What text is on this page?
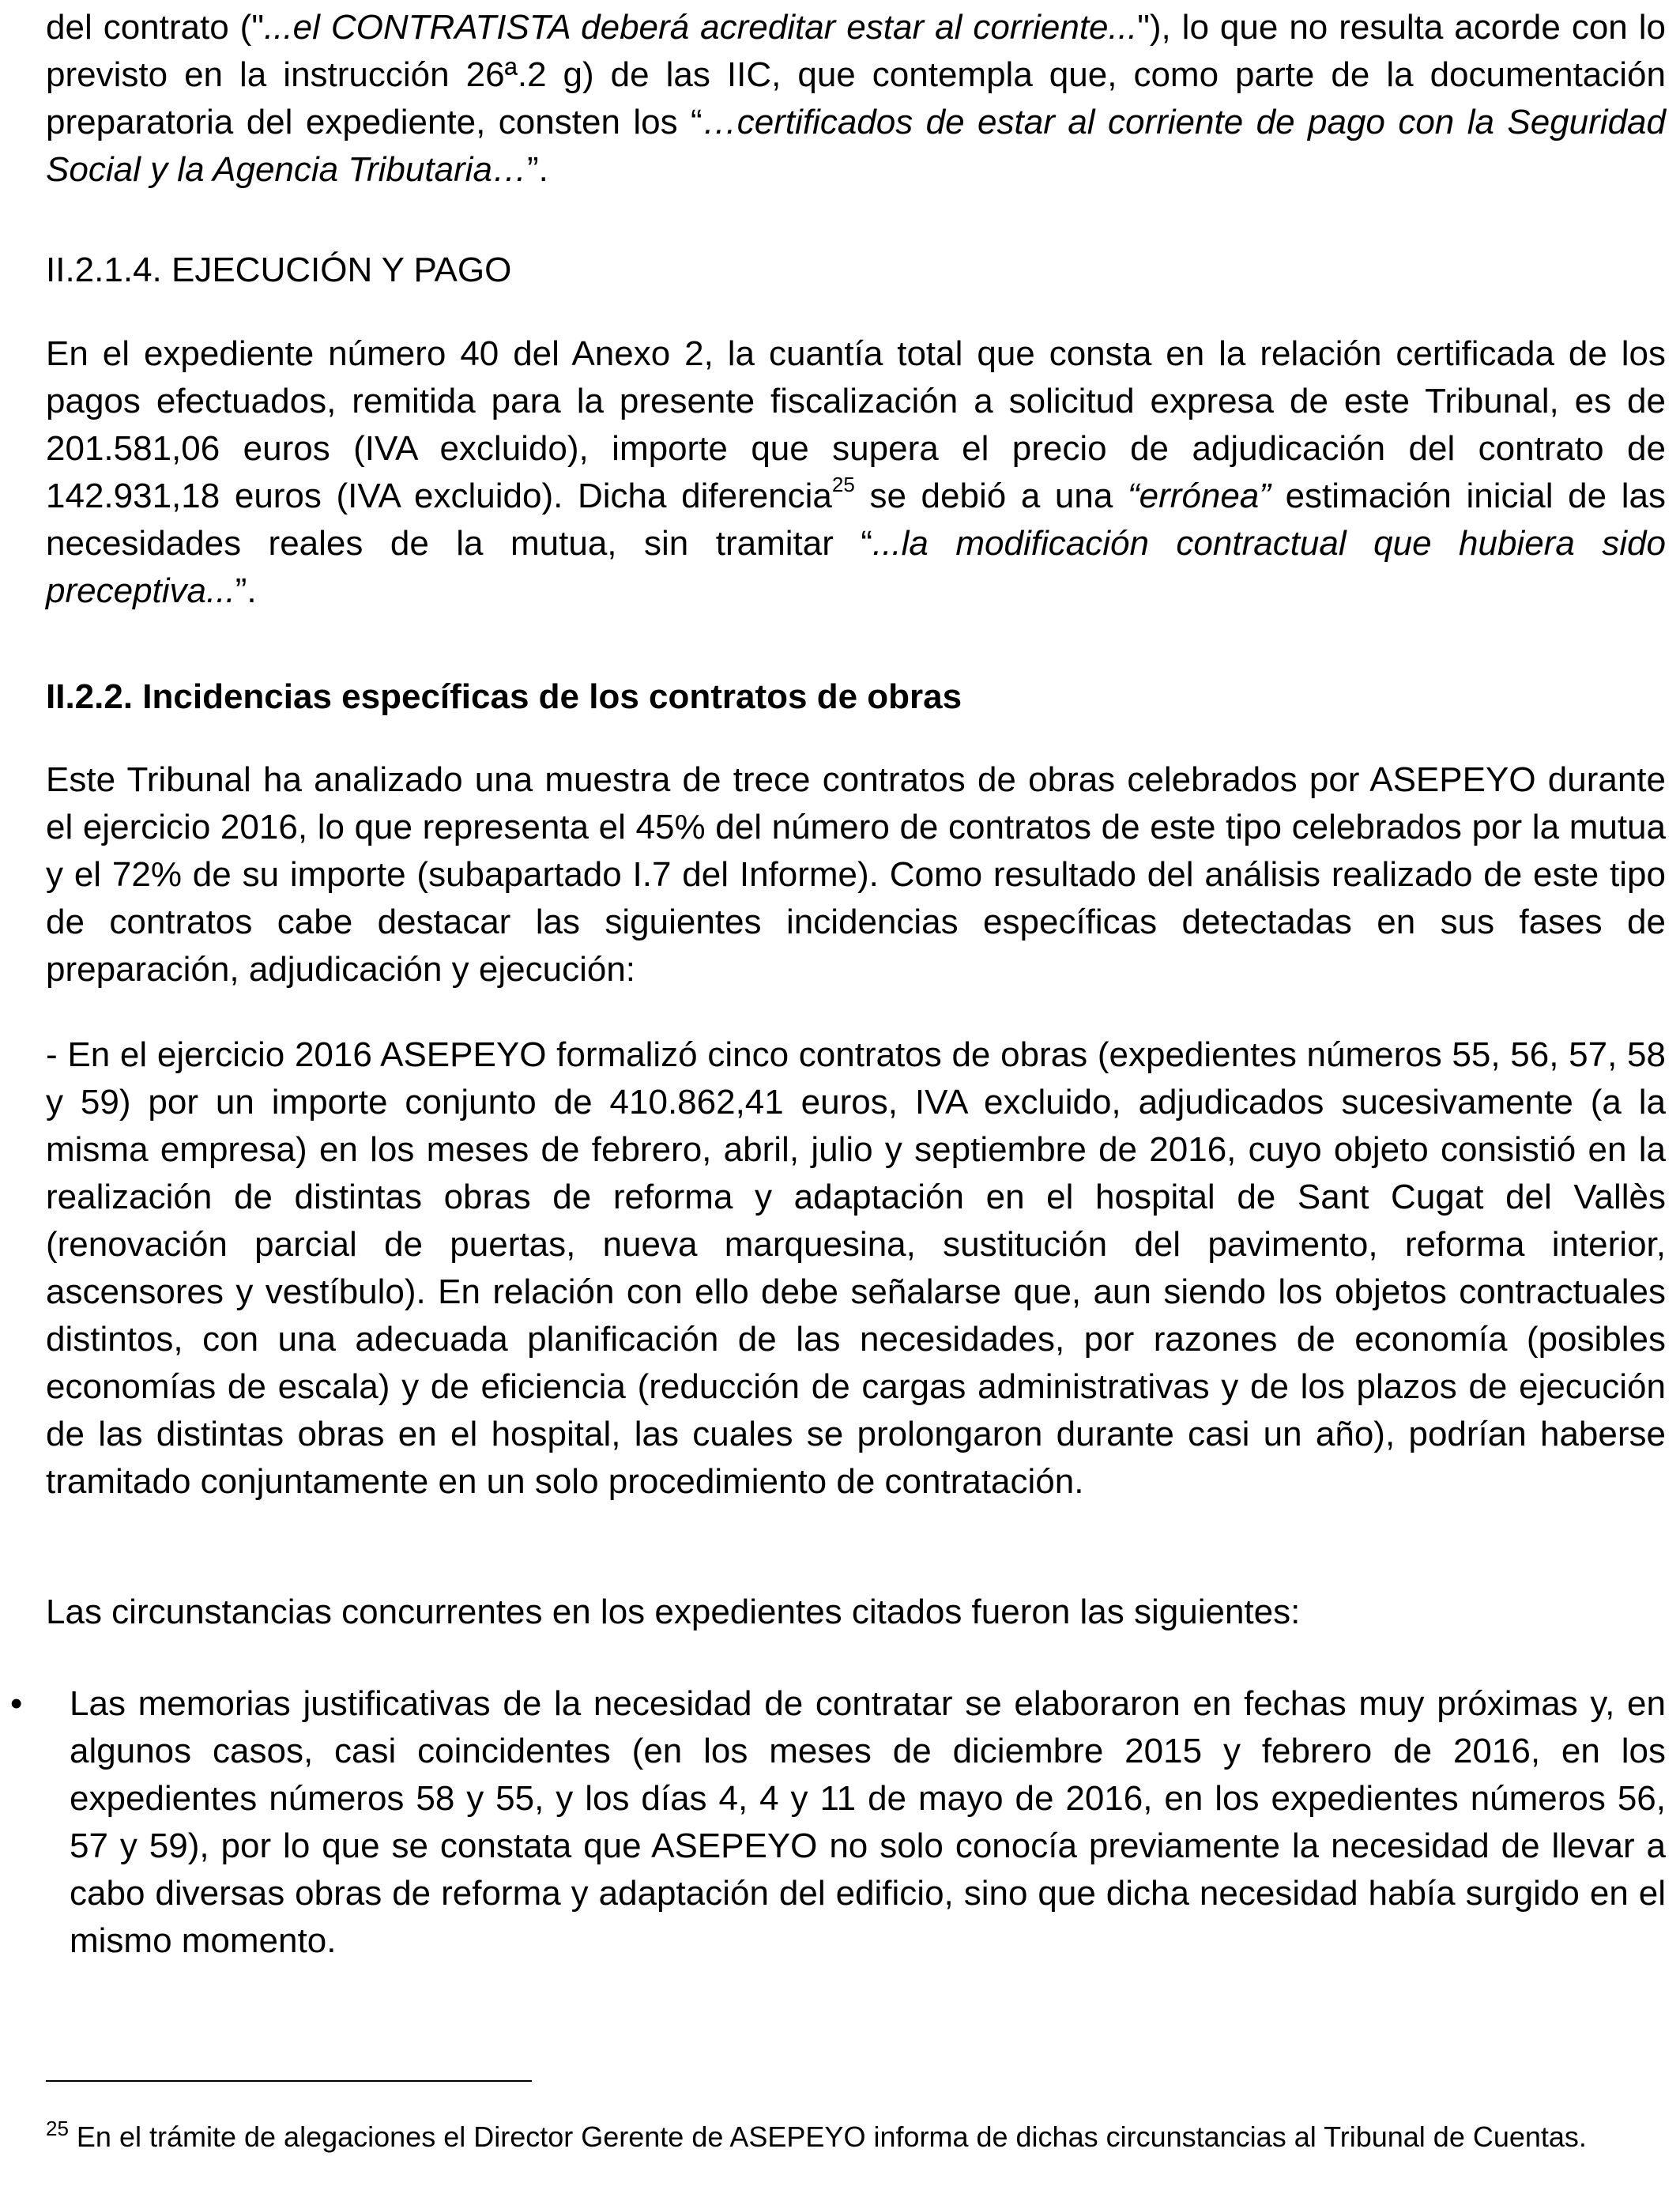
del contrato ("...el CONTRATISTA deberá acreditar estar al corriente..."), lo que no resulta acorde con lo previsto en la instrucción 26ª.2 g) de las IIC, que contempla que, como parte de la documentación preparatoria del expediente, consten los “…certificados de estar al corriente de pago con la Seguridad Social y la Agencia Tributaria…”.

II.2.1.4. EJECUCIÓN Y PAGO

En el expediente número 40 del Anexo 2, la cuantía total que consta en la relación certificada de los pagos efectuados, remitida para la presente fiscalización a solicitud expresa de este Tribunal, es de 201.581,06 euros (IVA excluido), importe que supera el precio de adjudicación del contrato de 142.931,18 euros (IVA excluido). Dicha diferencia$^{25}$ se debió a una “errónea” estimación inicial de las necesidades reales de la mutua, sin tramitar “...la modificación contractual que hubiera sido preceptiva...”.

II.2.2. Incidencias específicas de los contratos de obras

Este Tribunal ha analizado una muestra de trece contratos de obras celebrados por ASEPEYO durante el ejercicio 2016, lo que representa el 45% del número de contratos de este tipo celebrados por la mutua y el 72% de su importe (subapartado I.7 del Informe). Como resultado del análisis realizado de este tipo de contratos cabe destacar las siguientes incidencias específicas detectadas en sus fases de preparación, adjudicación y ejecución:

- En el ejercicio 2016 ASEPEYO formalizó cinco contratos de obras (expedientes números 55, 56, 57, 58 y 59) por un importe conjunto de 410.862,41 euros, IVA excluido, adjudicados sucesivamente (a la misma empresa) en los meses de febrero, abril, julio y septiembre de 2016, cuyo objeto consistió en la realización de distintas obras de reforma y adaptación en el hospital de Sant Cugat del Vallès (renovación parcial de puertas, nueva marquesina, sustitución del pavimento, reforma interior, ascensores y vestíbulo). En relación con ello debe señalarse que, aun siendo los objetos contractuales distintos, con una adecuada planificación de las necesidades, por razones de economía (posibles economías de escala) y de eficiencia (reducción de cargas administrativas y de los plazos de ejecución de las distintas obras en el hospital, las cuales se prolongaron durante casi un año), podrían haberse tramitado conjuntamente en un solo procedimiento de contratación.

Las circunstancias concurrentes en los expedientes citados fueron las siguientes:

• Las memorias justificativas de la necesidad de contratar se elaboraron en fechas muy próximas y, en algunos casos, casi coincidentes (en los meses de diciembre 2015 y febrero de 2016, en los expedientes números 58 y 55, y los días 4, 4 y 11 de mayo de 2016, en los expedientes números 56, 57 y 59), por lo que se constata que ASEPEYO no solo conocía previamente la necesidad de llevar a cabo diversas obras de reforma y adaptación del edificio, sino que dicha necesidad había surgido en el mismo momento.

$^{25}$ En el trámite de alegaciones el Director Gerente de ASEPEYO informa de dichas circunstancias al Tribunal de Cuentas.
